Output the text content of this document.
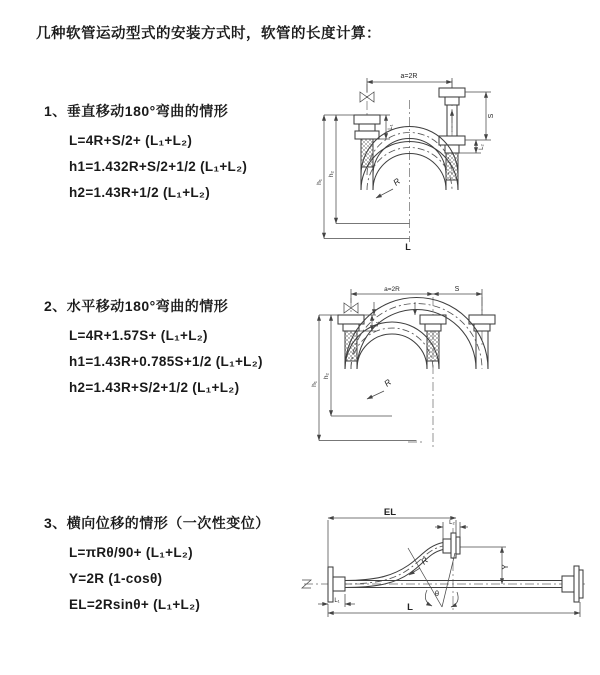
几种软管运动型式的安装方式时，软管的长度计算：
1、垂直移动180°弯曲的情形
L=4R+S/2+ (L₁+L₂)
h1=1.432R+S/2+1/2 (L₁+L₂)
h2=1.43R+1/2 (L₁+L₂)
2、水平移动180°弯曲的情形
L=4R+1.57S+ (L₁+L₂)
h1=1.43R+0.785S+1/2 (L₁+L₂)
h2=1.43R+S/2+1/2 (L₁+L₂)
3、横向位移的情形（一次性变位）
L=πRθ/90+ (L₁+L₂)
Y=2R (1-cosθ)
EL=2Rsinθ+ (L₁+L₂)
a=2R
L₁
S
L₂
h₁
h₂
R
L
a=2R	S
L₁
h₁
h₂
R
θ
EL
L₂
Y
L
L₁
R
